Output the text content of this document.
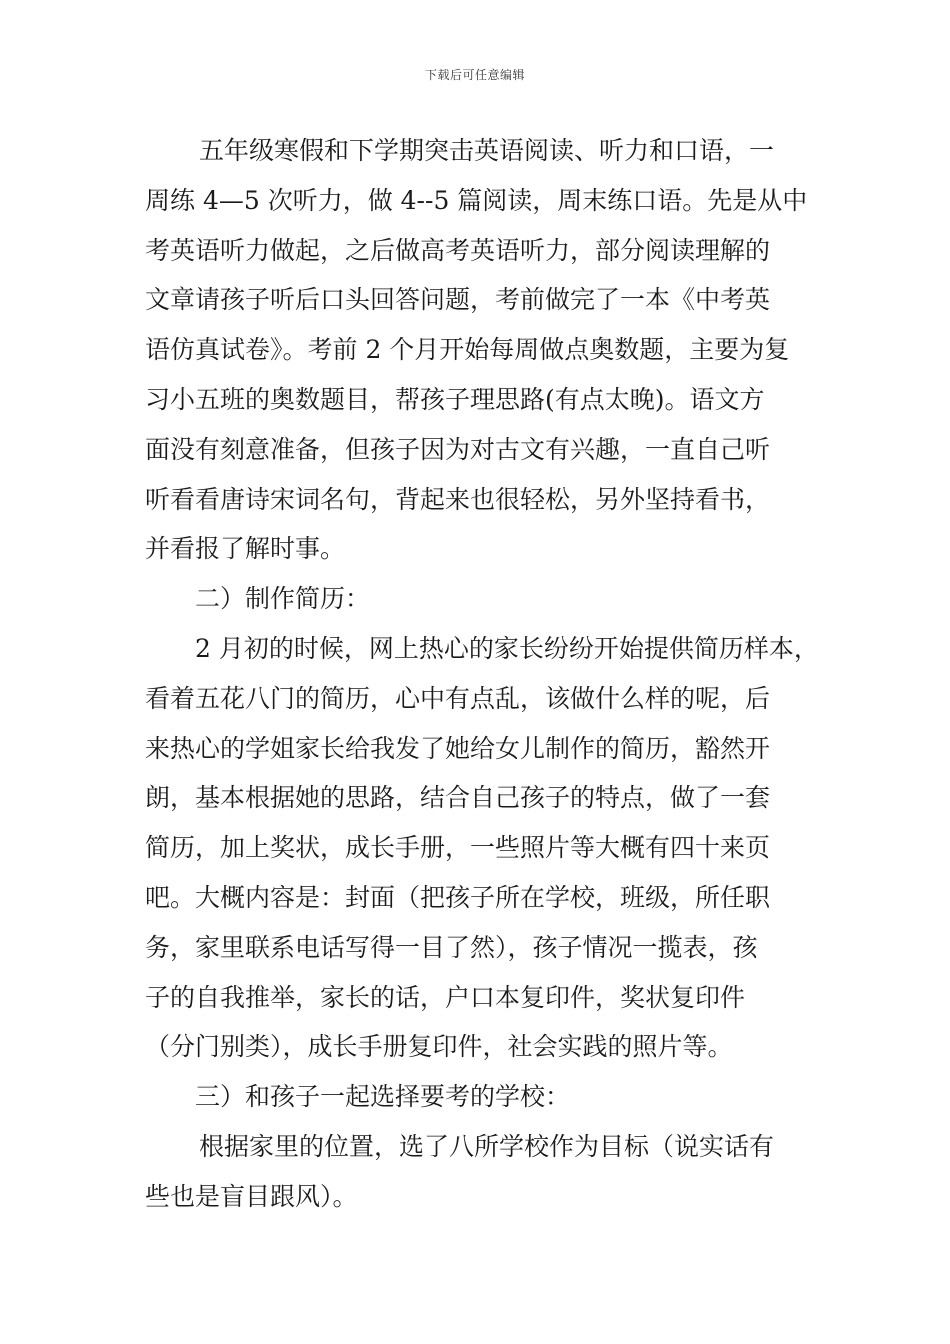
下载后可任意编辑
五年级寒假和下学期突击英语阅读、听力和口语，一
周练 4—5 次听力，做 4--5 篇阅读，周末练口语。先是从中
考英语听力做起，之后做高考英语听力，部分阅读理解的
文章请孩子听后口头回答问题，考前做完了一本《中考英
语仿真试卷》。考前 2 个月开始每周做点奥数题，主要为复
习小五班的奥数题目，帮孩子理思路(有点太晚)。语文方
面没有刻意准备，但孩子因为对古文有兴趣，一直自己听
听看看唐诗宋词名句，背起来也很轻松，另外坚持看书，
并看报了解时事。
二）制作简历：
2 月初的时候，网上热心的家长纷纷开始提供简历样本，
看着五花八门的简历，心中有点乱，该做什么样的呢，后
来热心的学姐家长给我发了她给女儿制作的简历，豁然开
朗，基本根据她的思路，结合自己孩子的特点，做了一套
简历，加上奖状，成长手册，一些照片等大概有四十来页
吧。大概内容是：封面（把孩子所在学校，班级，所任职
务，家里联系电话写得一目了然），孩子情况一揽表，孩
子的自我推举，家长的话，户口本复印件，奖状复印件
（分门别类），成长手册复印件，社会实践的照片等。
三）和孩子一起选择要考的学校：
根据家里的位置，选了八所学校作为目标（说实话有
些也是盲目跟风）。
